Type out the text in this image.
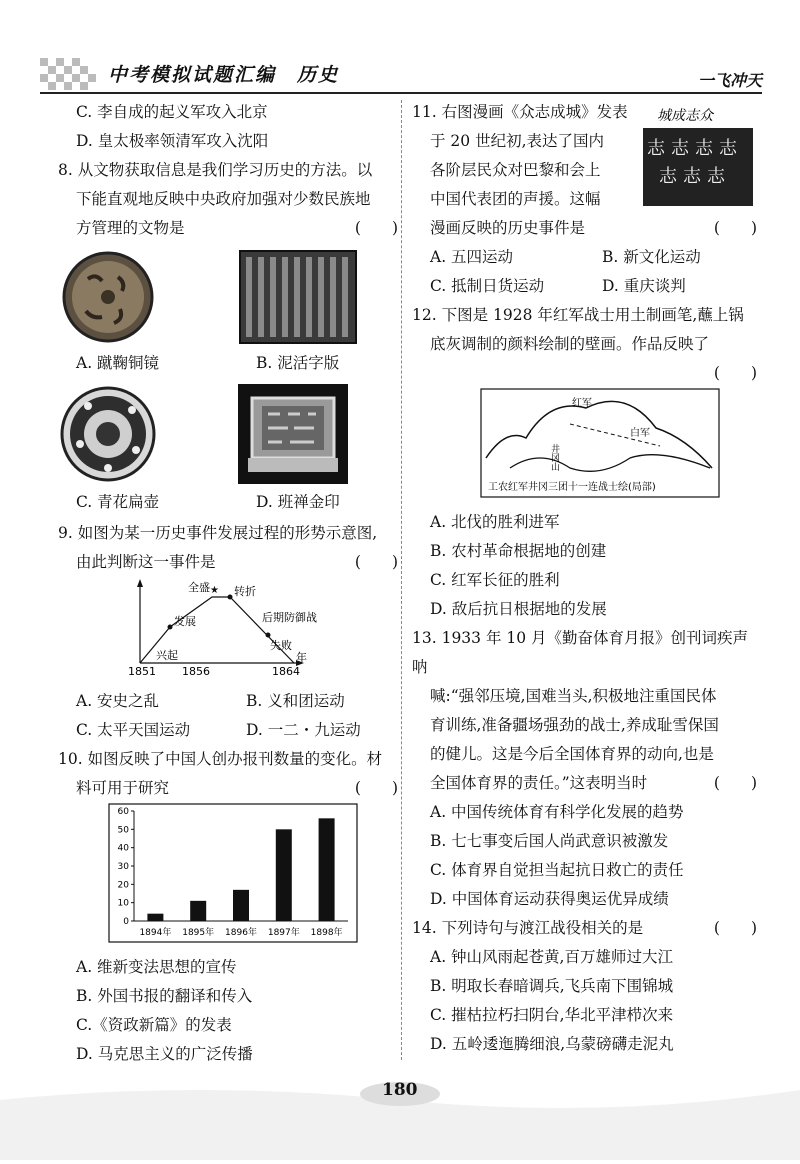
中考模拟试题汇编　历史	一飞冲天

C. 李自成的起义军攻入北京

D. 皇太极率领清军攻入沈阳

8. 从文物获取信息是我们学习历史的方法。以

下能直观地反映中央政府加强对少数民族地

方管理的文物是	(　　)

A. 蹴鞠铜镜	B. 泥活字版
C. 青花扁壶	D. 班禅金印

9. 如图为某一历史事件发展过程的形势示意图,

由此判断这一事件是	(　　)

★
兴起
发展
全盛 转折
后期防御战
失败
1851 1856	1864
年
A. 安史之乱	B. 义和团运动
C. 太平天国运动	D. 一二・九运动

10. 如图反映了中国人创办报刊数量的变化。材

料可用于研究	(　　)

0
10
20
30
40
50
60
1894年 1895年 1896年 1897年 1898年

A. 维新变法思想的宣传

B. 外国书报的翻译和传入

C.《资政新篇》的发表

D. 马克思主义的广泛传播

城成志众
志 志 志 志
志 志 志

11. 右图漫画《众志成城》发表

于 20 世纪初,表达了国内

各阶层民众对巴黎和会上

中国代表团的声援。这幅

漫画反映的历史事件是	(　　)

A. 五四运动	B. 新文化运动
C. 抵制日货运动	D. 重庆谈判

12. 下图是 1928 年红军战士用土制画笔,蘸上锅

底灰调制的颜料绘制的壁画。作品反映了

(　　)

红军
白军
井冈山
工农红军井冈三团十一连战士绘(局部)

A. 北伐的胜利进军

B. 农村革命根据地的创建

C. 红军长征的胜利

D. 敌后抗日根据地的发展

13. 1933 年 10 月《勤奋体育月报》创刊词疾声呐

喊:“强邻压境,国难当头,积极地注重国民体

育训练,准备疆场强劲的战士,养成耻雪保国

的健儿。这是今后全国体育界的动向,也是

全国体育界的责任。”这表明当时	(　　)

A. 中国传统体育有科学化发展的趋势

B. 七七事变后国人尚武意识被激发

C. 体育界自觉担当起抗日救亡的责任

D. 中国体育运动获得奥运优异成绩

14. 下列诗句与渡江战役相关的是	(　　)

A. 钟山风雨起苍黄,百万雄师过大江

B. 明取长春暗调兵,飞兵南下围锦城

C. 摧枯拉朽扫阴台,华北平津栉次来

D. 五岭逶迤腾细浪,乌蒙磅礴走泥丸

180
